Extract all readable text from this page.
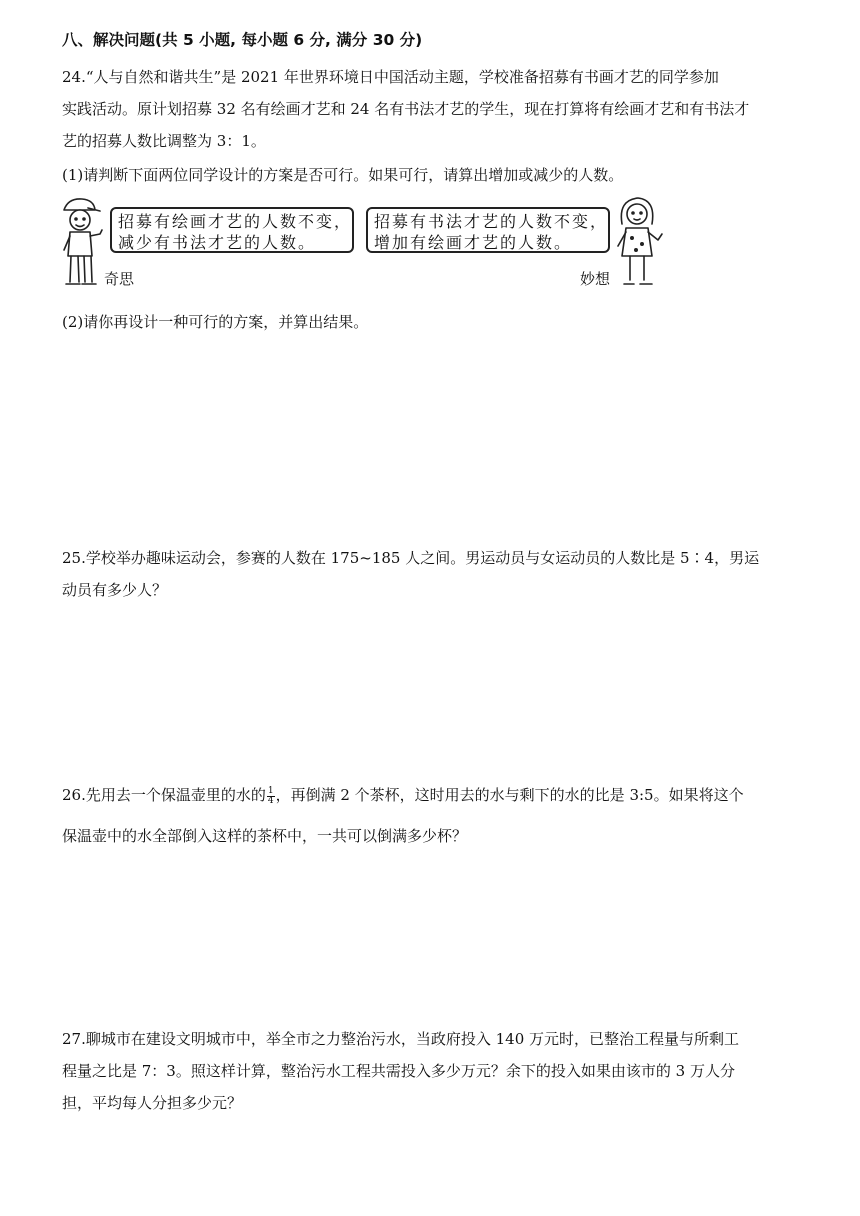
八、解决问题(共 5 小题, 每小题 6 分, 满分 30 分)
24.“人与自然和谐共生”是 2021 年世界环境日中国活动主题，学校准备招募有书画才艺的同学参加
实践活动。原计划招募 32 名有绘画才艺和 24 名有书法才艺的学生，现在打算将有绘画才艺和有书法才
艺的招募人数比调整为 3：1。
(1)请判断下面两位同学设计的方案是否可行。如果可行，请算出增加或减少的人数。
招募有绘画才艺的人数不变，
减少有书法才艺的人数。
奇思
招募有书法才艺的人数不变，
增加有绘画才艺的人数。
妙想
(2)请你再设计一种可行的方案，并算出结果。
25.学校举办趣味运动会，参赛的人数在 175~185 人之间。男运动员与女运动员的人数比是 5∶4，男运
动员有多少人？
26.先用去一个保温壶里的水的 $\frac{1}{4}$ ，再倒满 2 个茶杯，这时用去的水与剩下的水的比是 3:5。如果将这个
保温壶中的水全部倒入这样的茶杯中，一共可以倒满多少杯？
27.聊城市在建设文明城市中，举全市之力整治污水，当政府投入 140 万元时，已整治工程量与所剩工
程量之比是 7：3。照这样计算，整治污水工程共需投入多少万元？余下的投入如果由该市的 3 万人分
担，平均每人分担多少元？
